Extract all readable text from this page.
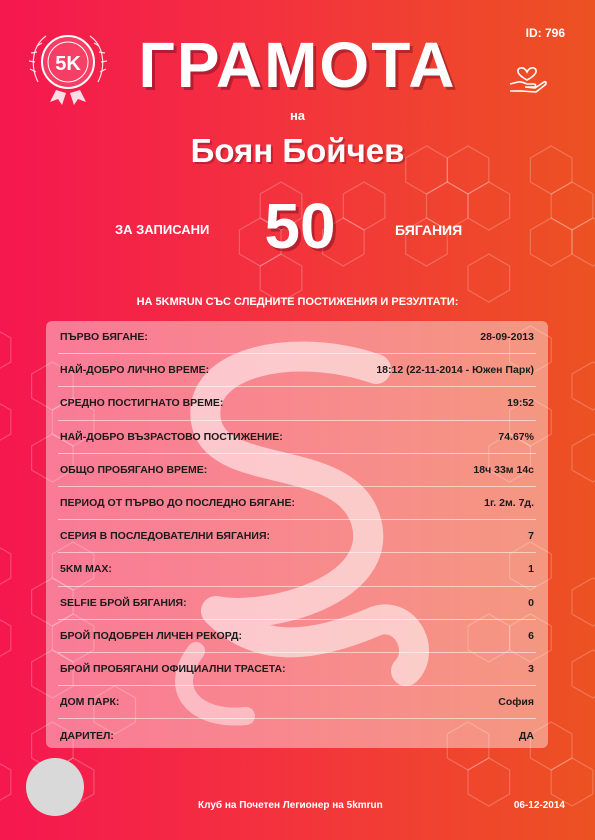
5K
ID: 796
ГРАМОТА
на
Боян Бойчев
ЗА ЗАПИСАНИ 50	БЯГАНИЯ
НА 5KMRUN СЪС СЛЕДНИТЕ ПОСТИЖЕНИЯ И РЕЗУЛТАТИ:
ПЪРВО БЯГАНЕ:	28-09-2013
НАЙ-ДОБРО ЛИЧНО ВРЕМЕ:	18:12 (22-11-2014 - Южен Парк)
СРЕДНО ПОСТИГНАТО ВРЕМЕ:	19:52
НАЙ-ДОБРО ВЪЗРАСТОВО ПОСТИЖЕНИЕ:	74.67%
ОБЩО ПРОБЯГАНО ВРЕМЕ:	18ч 33м 14с
ПЕРИОД ОТ ПЪРВО ДО ПОСЛЕДНО БЯГАНЕ:	1г. 2м. 7д.
СЕРИЯ В ПОСЛЕДОВАТЕЛНИ БЯГАНИЯ:	7
5KM MAX:	1
SELFIE БРОЙ БЯГАНИЯ:	0
БРОЙ ПОДОБРЕН ЛИЧЕН РЕКОРД:	6
БРОЙ ПРОБЯГАНИ ОФИЦИАЛНИ ТРАСЕТА:	3
ДОМ ПАРК:	София
ДАРИТЕЛ:	ДА
Клуб на Почетен Легионер на 5kmrun	06-12-2014
